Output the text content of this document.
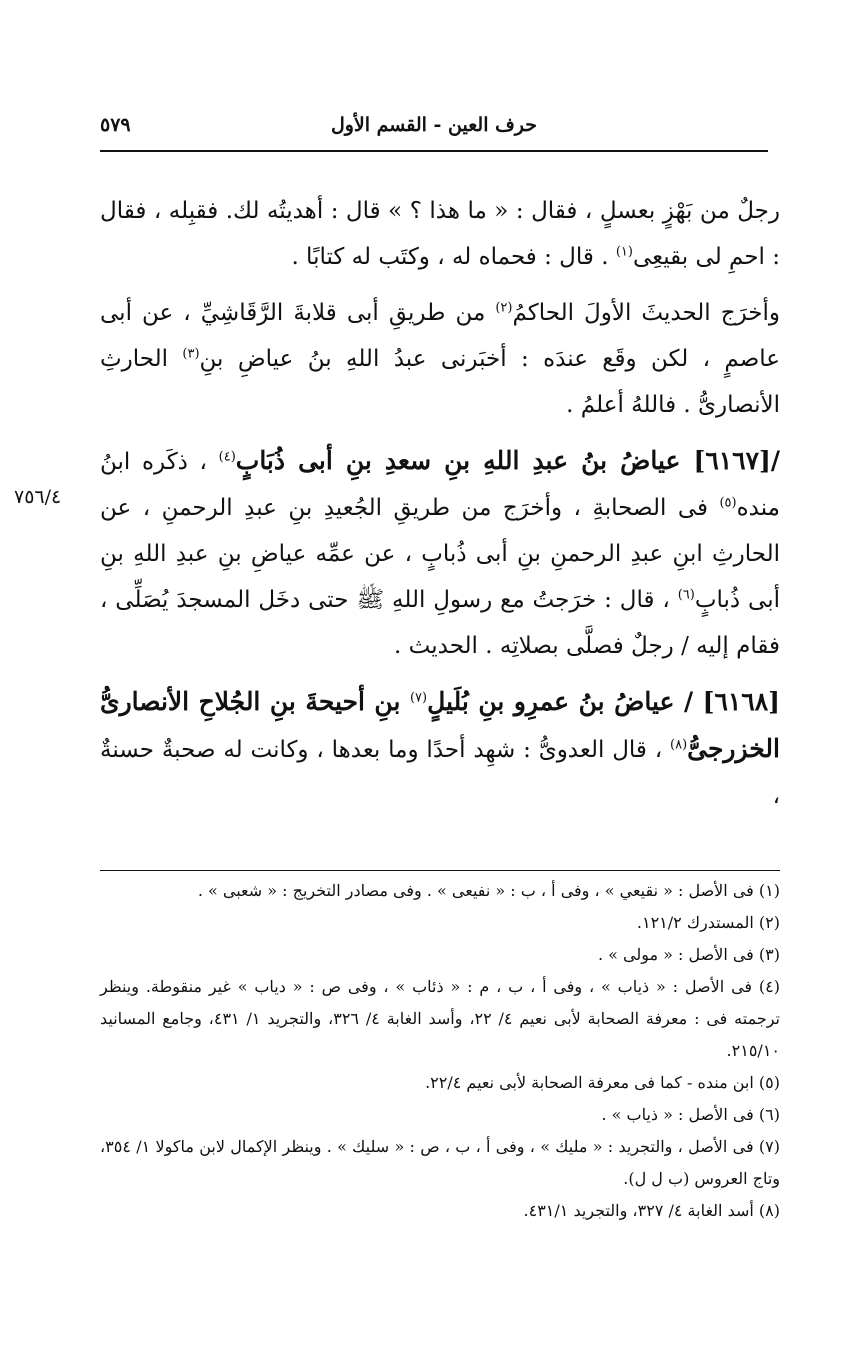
حرف العين - القسم الأول
٥٧٩
٧٥٦/٤

رجلٌ من بَهْزٍ بعسلٍ ، فقال : « ما هذا ؟ » قال : أهديتُه لك. فقبِله ، فقال : احمِ لى بقيعِى$^{(١)}$ . قال : فحماه له ، وكتَب له كتابًا .

وأخرَج الحديثَ الأولَ الحاكمُ$^{(٢)}$ من طريقِ أبى قلابةَ الرَّقَاشِيِّ ، عن أبى عاصمٍ ، لكن وقَع عندَه : أخبَرنى عبدُ اللهِ بنُ عياضِ بنِ$^{(٣)}$ الحارثِ الأنصارىُّ . فاللهُ أعلمُ .

/[٦١٦٧] عياضُ بنُ عبدِ اللهِ بنِ سعدِ بنِ أبى ذُبَابٍ$^{(٤)}$ ، ذكَره ابنُ منده$^{(٥)}$ فى الصحابةِ ، وأخرَج من طريقِ الجُعيدِ بنِ عبدِ الرحمنِ ، عن الحارثِ ابنِ عبدِ الرحمنِ بنِ أبى ذُبابٍ ، عن عمِّه عياضِ بنِ عبدِ اللهِ بنِ أبى ذُبابٍ$^{(٦)}$ ، قال : خرَجتُ مع رسولِ اللهِ ﷺ حتى دخَل المسجدَ يُصَلِّى ، فقام إليه / رجلٌ فصلَّى بصلاتِه . الحديث .

[٦١٦٨] / عياضُ بنُ عمرِو بنِ بُلَيلٍ$^{(٧)}$ بنِ أحيحةَ بنِ الجُلاحِ الأنصارىُّ الخزرجىُّ$^{(٨)}$ ، قال العدوىُّ : شهِد أحدًا وما بعدها ، وكانت له صحبةٌ حسنةٌ ،

(١) فى الأصل : « نقيعي » ، وفى أ ، ب : « نفيعى » . وفى مصادر التخريج : « شعبى » .

(٢) المستدرك ١٢١/٢.

(٣) فى الأصل : « مولى » .

(٤) فى الأصل : « ذياب » ، وفى أ ، ب ، م : « ذئاب » ، وفى ص : « دياب » غير منقوطة. وينظر ترجمته فى : معرفة الصحابة لأبى نعيم ٤/ ٢٢، وأسد الغابة ٤/ ٣٢٦، والتجريد ١/ ٤٣١، وجامع المسانيد ٢١٥/١٠.

(٥) ابن منده - كما فى معرفة الصحابة لأبى نعيم ٢٢/٤.

(٦) فى الأصل : « ذياب » .

(٧) فى الأصل ، والتجريد : « مليك » ، وفى أ ، ب ، ص : « سليك » . وينظر الإكمال لابن ماكولا ١/ ٣٥٤، وتاج العروس (ب ل ل).

(٨) أسد الغابة ٤/ ٣٢٧، والتجريد ٤٣١/١.
